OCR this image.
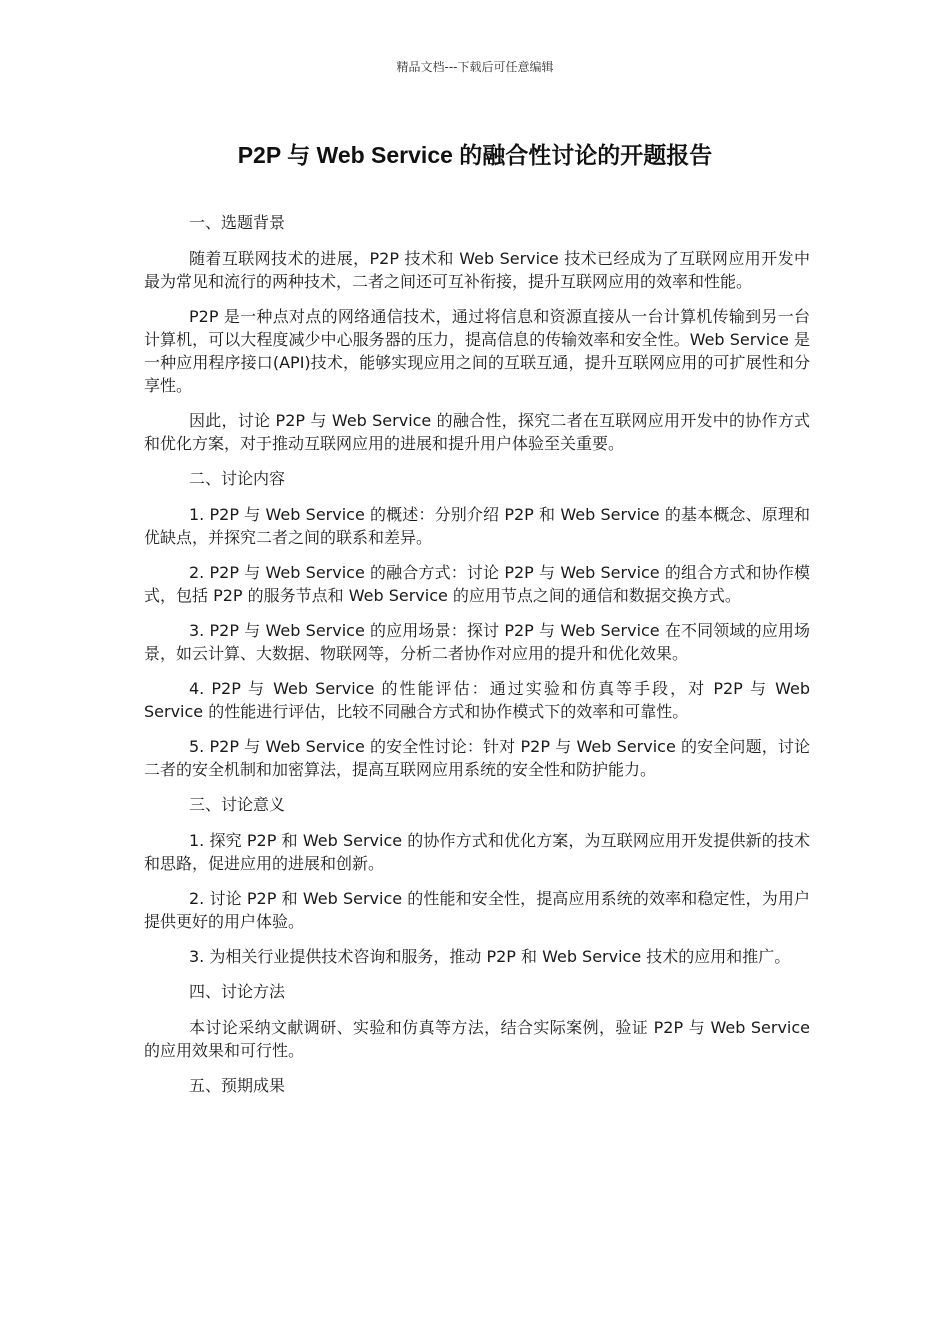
精品文档---下载后可任意编辑
P2P 与 Web Service 的融合性讨论的开题报告

一、选题背景

随着互联网技术的进展，P2P 技术和 Web Service 技术已经成为了互联网应用开发中最为常见和流行的两种技术，二者之间还可互补衔接，提升互联网应用的效率和性能。

P2P 是一种点对点的网络通信技术，通过将信息和资源直接从一台计算机传输到另一台计算机，可以大程度减少中心服务器的压力，提高信息的传输效率和安全性。Web Service 是一种应用程序接口(API)技术，能够实现应用之间的互联互通，提升互联网应用的可扩展性和分享性。

因此，讨论 P2P 与 Web Service 的融合性，探究二者在互联网应用开发中的协作方式和优化方案，对于推动互联网应用的进展和提升用户体验至关重要。

二、讨论内容

1. P2P 与 Web Service 的概述：分别介绍 P2P 和 Web Service 的基本概念、原理和优缺点，并探究二者之间的联系和差异。

2. P2P 与 Web Service 的融合方式：讨论 P2P 与 Web Service 的组合方式和协作模式，包括 P2P 的服务节点和 Web Service 的应用节点之间的通信和数据交换方式。

3. P2P 与 Web Service 的应用场景：探讨 P2P 与 Web Service 在不同领域的应用场景，如云计算、大数据、物联网等，分析二者协作对应用的提升和优化效果。

4. P2P 与 Web Service 的性能评估：通过实验和仿真等手段，对 P2P 与 Web Service 的性能进行评估，比较不同融合方式和协作模式下的效率和可靠性。

5. P2P 与 Web Service 的安全性讨论：针对 P2P 与 Web Service 的安全问题，讨论二者的安全机制和加密算法，提高互联网应用系统的安全性和防护能力。

三、讨论意义

1. 探究 P2P 和 Web Service 的协作方式和优化方案，为互联网应用开发提供新的技术和思路，促进应用的进展和创新。

2. 讨论 P2P 和 Web Service 的性能和安全性，提高应用系统的效率和稳定性，为用户提供更好的用户体验。

3. 为相关行业提供技术咨询和服务，推动 P2P 和 Web Service 技术的应用和推广。

四、讨论方法

本讨论采纳文献调研、实验和仿真等方法，结合实际案例，验证 P2P 与 Web Service 的应用效果和可行性。

五、预期成果
